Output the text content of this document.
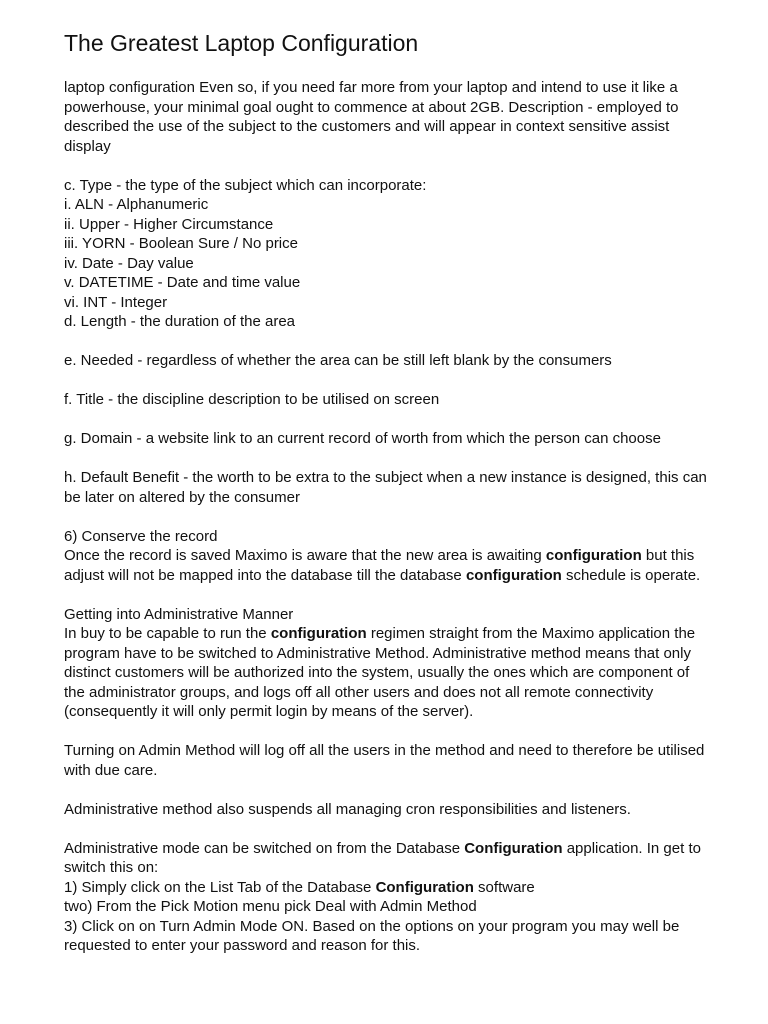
The Greatest Laptop Configuration
laptop configuration Even so, if you need far more from your laptop and intend to use it like a powerhouse, your minimal goal ought to commence at about 2GB. Description - employed to described the use of the subject to the customers and will appear in context sensitive assist display
c. Type - the type of the subject which can incorporate:
i. ALN - Alphanumeric
ii. Upper - Higher Circumstance
iii. YORN - Boolean Sure / No price
iv. Date - Day value
v. DATETIME - Date and time value
vi. INT - Integer
d. Length - the duration of the area
e. Needed - regardless of whether the area can be still left blank by the consumers
f. Title - the discipline description to be utilised on screen
g. Domain - a website link to an current record of worth from which the person can choose
h. Default Benefit - the worth to be extra to the subject when a new instance is designed, this can be later on altered by the consumer
6) Conserve the record
Once the record is saved Maximo is aware that the new area is awaiting configuration but this adjust will not be mapped into the database till the database configuration schedule is operate.
Getting into Administrative Manner
In buy to be capable to run the configuration regimen straight from the Maximo application the program have to be switched to Administrative Method. Administrative method means that only distinct customers will be authorized into the system, usually the ones which are component of the administrator groups, and logs off all other users and does not all remote connectivity (consequently it will only permit login by means of the server).
Turning on Admin Method will log off all the users in the method and need to therefore be utilised with due care.
Administrative method also suspends all managing cron responsibilities and listeners.
Administrative mode can be switched on from the Database Configuration application. In get to switch this on:
1) Simply click on the List Tab of the Database Configuration software
two) From the Pick Motion menu pick Deal with Admin Method
3) Click on on Turn Admin Mode ON. Based on the options on your program you may well be requested to enter your password and reason for this.
